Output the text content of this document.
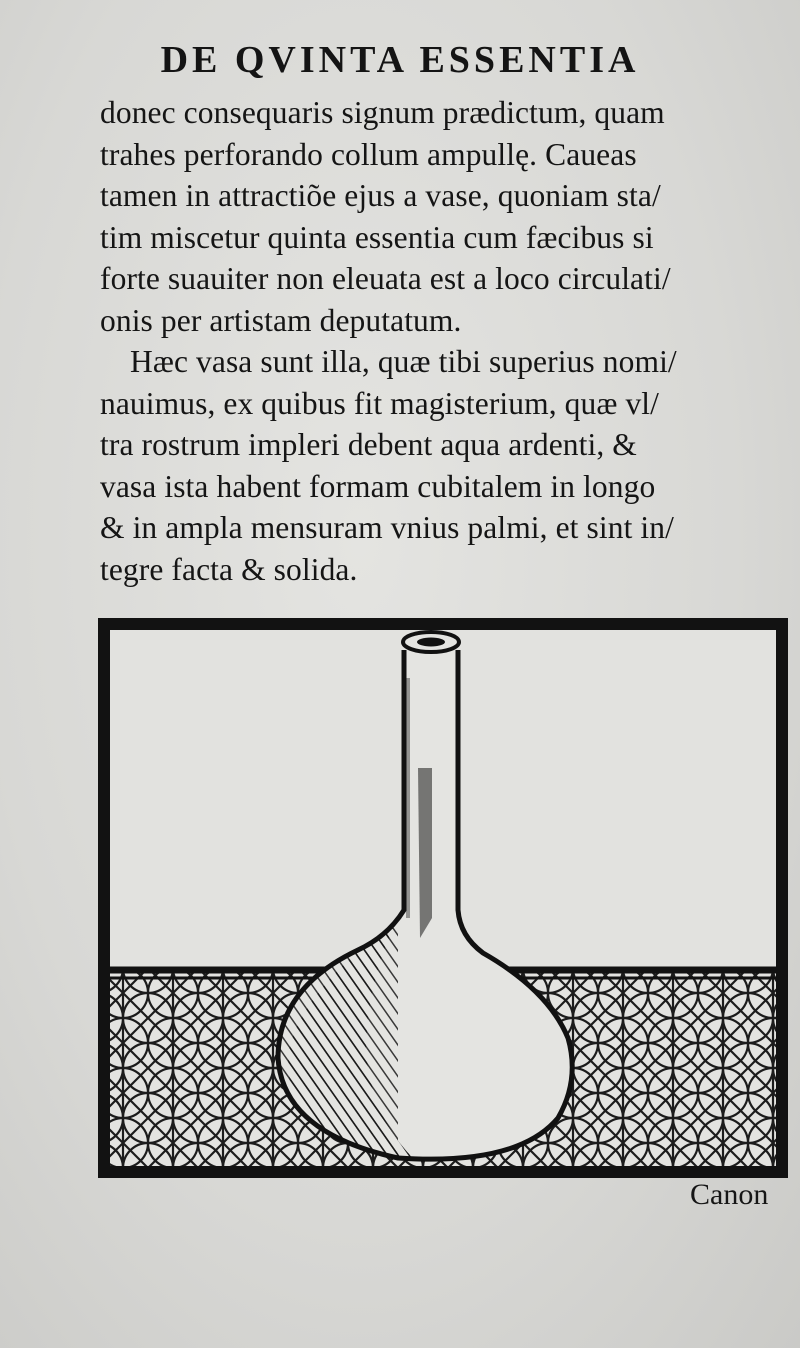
DE QVINTA ESSENTIA
donec consequaris signum prædictum, quam
trahes perforando collum ampullę. Caueas
tamen in attractiõe ejus a vase, quoniam sta/
tim miscetur quinta essentia cum fæcibus si
forte suauiter non eleuata est a loco circulati/
onis per artistam deputatum.
Hæc vasa sunt illa, quæ tibi superius nomi/
nauimus, ex quibus fit magisterium, quæ vl/
tra rostrum impleri debent aqua ardenti, &
vasa ista habent formam cubitalem in longo
& in ampla mensuram vnius palmi, et sint in/
tegre facta & solida.
Canon
